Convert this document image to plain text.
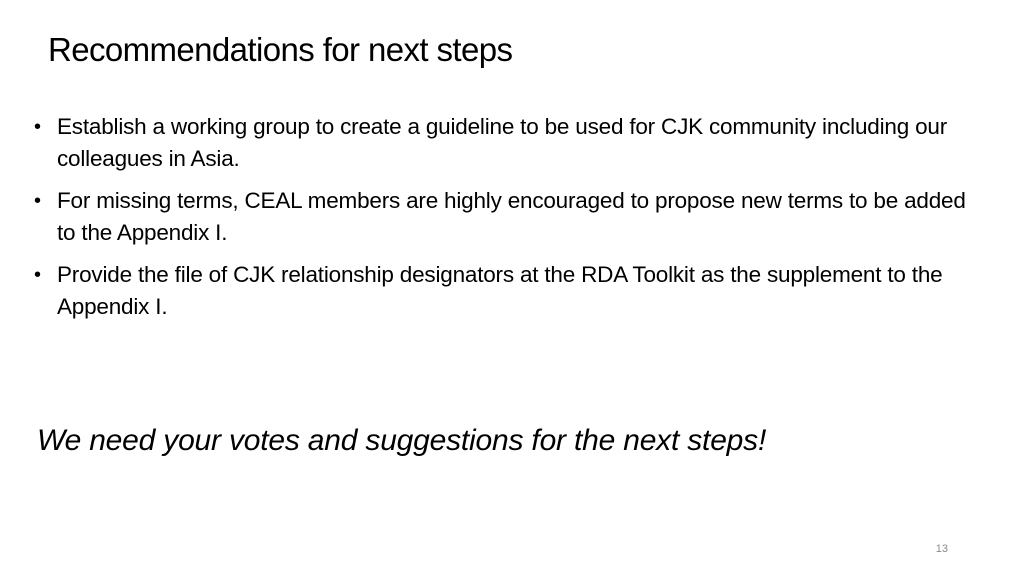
Recommendations for next steps
• Establish a working group to create a guideline to be used for CJK community including our colleagues in Asia.
• For missing terms, CEAL members are highly encouraged to propose new terms to be added to the Appendix I.
• Provide the file of CJK relationship designators at the RDA Toolkit as the supplement to the Appendix I.
We need your votes and suggestions for the next steps!
13
